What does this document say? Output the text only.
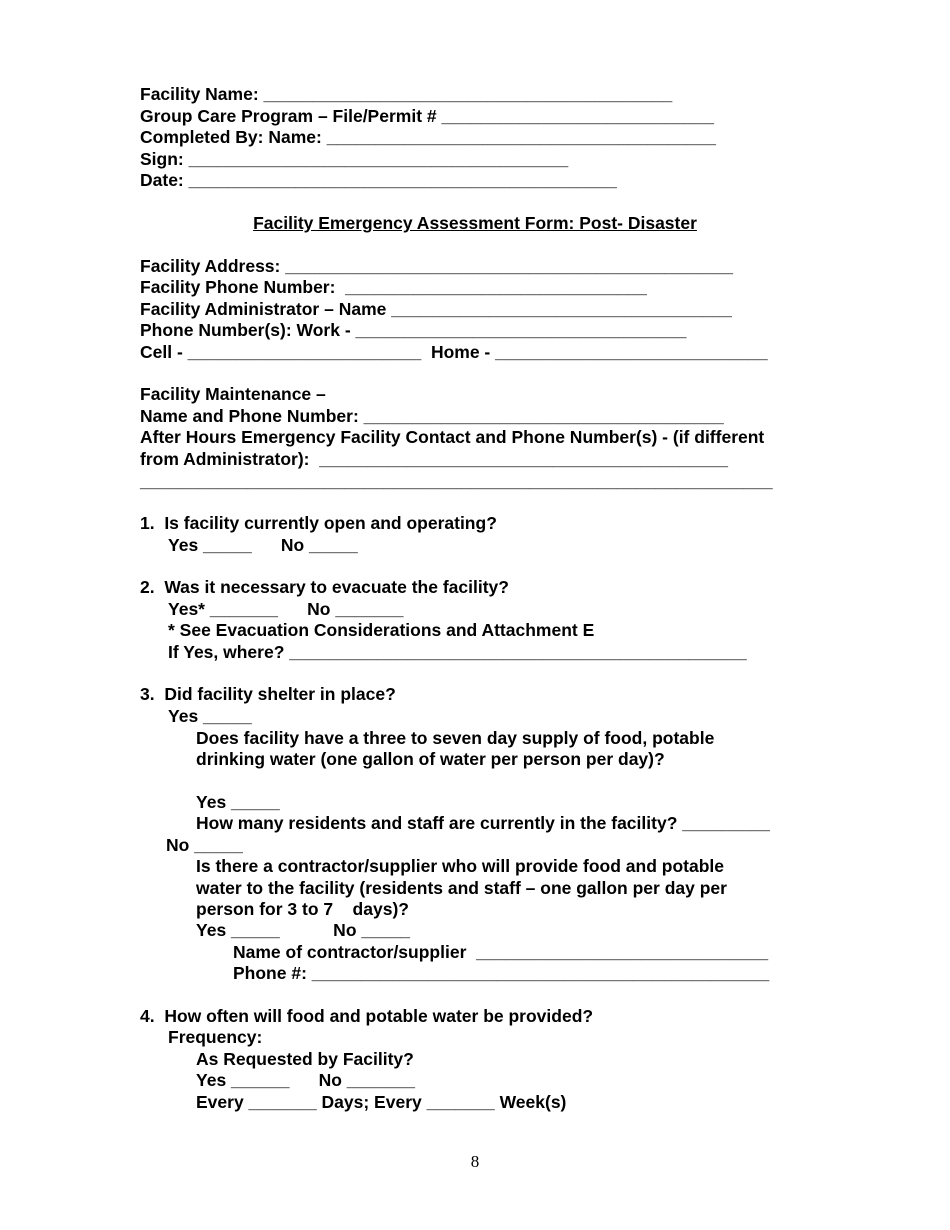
Facility Name: __________________________________________
Group Care Program – File/Permit # ____________________________
Completed By: Name: ________________________________________
Sign: _______________________________________
Date: ____________________________________________
Facility Emergency Assessment Form: Post- Disaster
Facility Address: ______________________________________________
Facility Phone Number:  _______________________________
Facility Administrator – Name ___________________________________
Phone Number(s): Work - __________________________________
Cell - ________________________  Home - ____________________________
Facility Maintenance –
Name and Phone Number: _____________________________________
After Hours Emergency Facility Contact and Phone Number(s) - (if different
from Administrator):  __________________________________________
_________________________________________________________________
1.  Is facility currently open and operating?
Yes _____      No _____
2.  Was it necessary to evacuate the facility?
Yes* _______      No _______
* See Evacuation Considerations and Attachment E
If Yes, where? _______________________________________________
3.  Did facility shelter in place?
Yes _____
Does facility have a three to seven day supply of food, potable
drinking water (one gallon of water per person per day)?
Yes _____
How many residents and staff are currently in the facility? _________
No _____
Is there a contractor/supplier who will provide food and potable
water to the facility (residents and staff – one gallon per day per
person for 3 to 7    days)?
Yes _____           No _____
Name of contractor/supplier  ______________________________
Phone #: _______________________________________________
4.  How often will food and potable water be provided?
Frequency:
As Requested by Facility?
Yes ______      No _______
Every _______ Days; Every _______ Week(s)
8
